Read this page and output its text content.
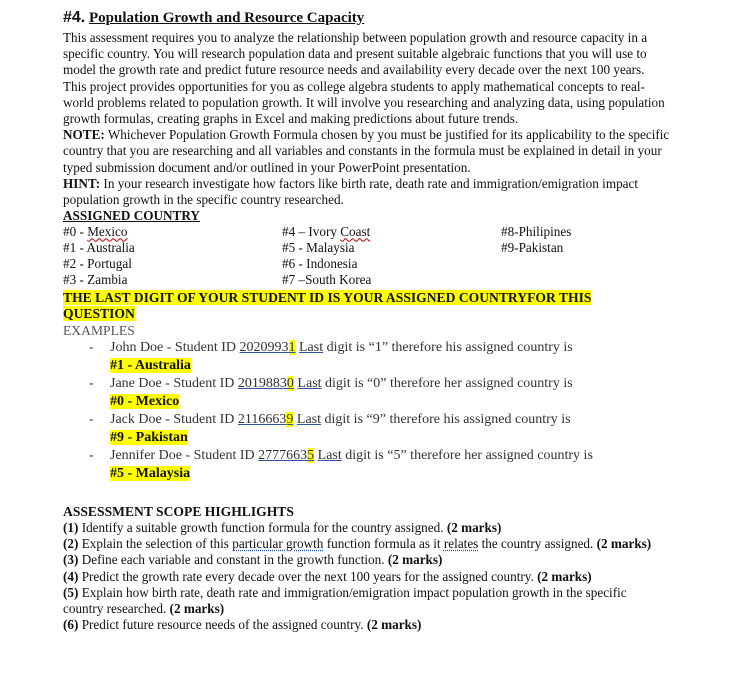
#4. Population Growth and Resource Capacity

This assessment requires you to analyze the relationship between population growth and resource capacity in a specific country. You will research population data and present suitable algebraic functions that you will use to model the growth rate and predict future resource needs and availability every decade over the next 100 years.

This project provides opportunities for you as college algebra students to apply mathematical concepts to real-world problems related to population growth. It will involve you researching and analyzing data, using population growth formulas, creating graphs in Excel and making predictions about future trends.

NOTE: Whichever Population Growth Formula chosen by you must be justified for its applicability to the specific country that you are researching and all variables and constants in the formula must be explained in detail in your typed submission document and/or outlined in your PowerPoint presentation.

HINT: In your research investigate how factors like birth rate, death rate and immigration/emigration impact population growth in the specific country researched.

ASSIGNED COUNTRY
#0 - Mexico
#1 - Australia
#2 - Portugal
#3 - Zambia
#4 – Ivory Coast
#5 - Malaysia
#6 - Indonesia
#7 –South Korea
#8-Philipines
#9-Pakistan
THE LAST DIGIT OF YOUR STUDENT ID IS YOUR ASSIGNED COUNTRYFOR THIS QUESTION
EXAMPLES
- John Doe - Student ID 20209931 Last digit is “1” therefore his assigned country is
#1 - Australia
- Jane Doe - Student ID 20198830 Last digit is “0” therefore her assigned country is
#0 - Mexico
- Jack Doe - Student ID 21166639 Last digit is “9” therefore his assigned country is
#9 - Pakistan
- Jennifer Doe - Student ID 27776635 Last digit is “5” therefore her assigned country is
#5 - Malaysia
ASSESSMENT SCOPE HIGHLIGHTS
(1) Identify a suitable growth function formula for the country assigned. (2 marks)
(2) Explain the selection of this particular growth function formula as it relates the country assigned. (2 marks)
(3) Define each variable and constant in the growth function. (2 marks)
(4) Predict the growth rate every decade over the next 100 years for the assigned country. (2 marks)
(5) Explain how birth rate, death rate and immigration/emigration impact population growth in the specific country researched. (2 marks)
(6) Predict future resource needs of the assigned country. (2 marks)
